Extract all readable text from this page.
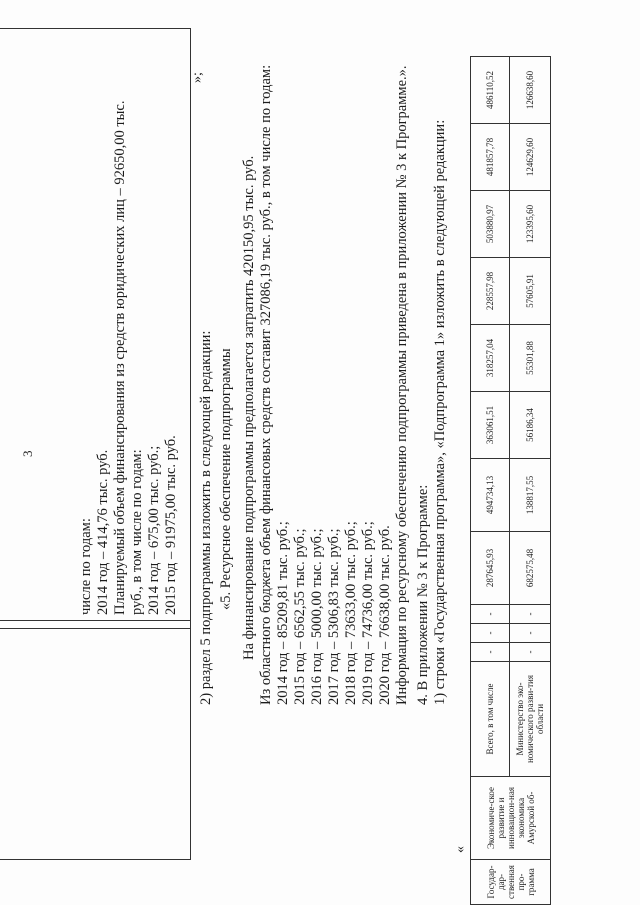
3
числе по годам: 2014 год – 414,76 тыс. руб. Планируемый объем финансирования из средств юридических лиц – 92650,00 тыс. руб., в том числе по годам: 2014 год – 675,00 тыс. руб.; 2015 год – 91975,00 тыс. руб.
»;
2) раздел 5 подпрограммы изложить в следующей редакции: «5. Ресурсное обеспечение подпрограммы На финансирование подпрограммы предполагается затратить 420150,95 тыс. руб. Из областного бюджета объем финансовых средств составит 327086,19 тыс. руб., в том числе по годам: 2014 год – 85209,81 тыс. руб.; 2015 год – 6562,55 тыс. руб.; 2016 год – 5000,00 тыс. руб.; 2017 год – 5306,83 тыс. руб.; 2018 год – 73633,00 тыс. руб.; 2019 год – 74736,00 тыс. руб.; 2020 год – 76638,00 тыс. руб. Информация по ресурсному обеспечению подпрограммы приведена в приложении № 3 к Программе.». 4. В приложении № 3 к Программе: 1) строки «Государственная программа», «Подпрограмма 1» изложить в следующей редакции:
«
Государ-дар-ственная про-грамма	Экономиче-ское развитие и инновацион-ная экономика Амурской об-	Всего, в том числе	-	-	-	287645,93	494734,13	363061,51	318257,04	228557,98	503880,97	481857,78	486110,52
		Министерство эко-номического разви-тия области	-	-	-	682575,48	138817,55	56186,34	55301,88	57605,91	123395,60	124629,60	126638,60
